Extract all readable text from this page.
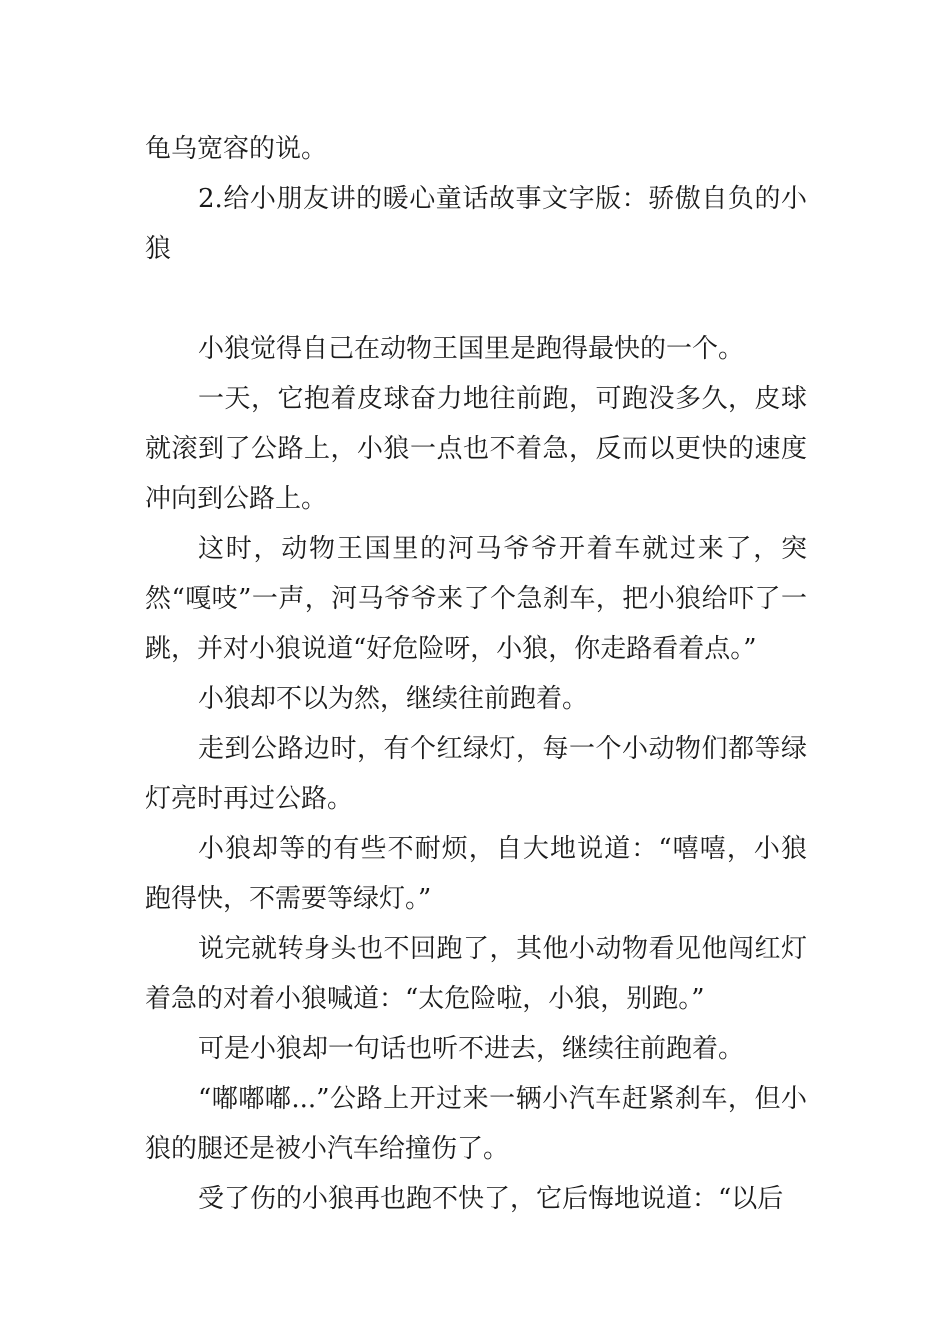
龟乌宽容的说。

2.给小朋友讲的暖心童话故事文字版：骄傲自负的小狼

小狼觉得自己在动物王国里是跑得最快的一个。

一天，它抱着皮球奋力地往前跑，可跑没多久，皮球就滚到了公路上，小狼一点也不着急，反而以更快的速度冲向到公路上。

这时，动物王国里的河马爷爷开着车就过来了，突然“嘎吱”一声，河马爷爷来了个急刹车，把小狼给吓了一跳，并对小狼说道“好危险呀，小狼，你走路看着点。”

小狼却不以为然，继续往前跑着。

走到公路边时，有个红绿灯，每一个小动物们都等绿灯亮时再过公路。

小狼却等的有些不耐烦，自大地说道：“嘻嘻，小狼跑得快，不需要等绿灯。”

说完就转身头也不回跑了，其他小动物看见他闯红灯着急的对着小狼喊道：“太危险啦，小狼，别跑。”

可是小狼却一句话也听不进去，继续往前跑着。

“嘟嘟嘟...”公路上开过来一辆小汽车赶紧刹车，但小狼的腿还是被小汽车给撞伤了。

受了伤的小狼再也跑不快了，它后悔地说道：“以后
